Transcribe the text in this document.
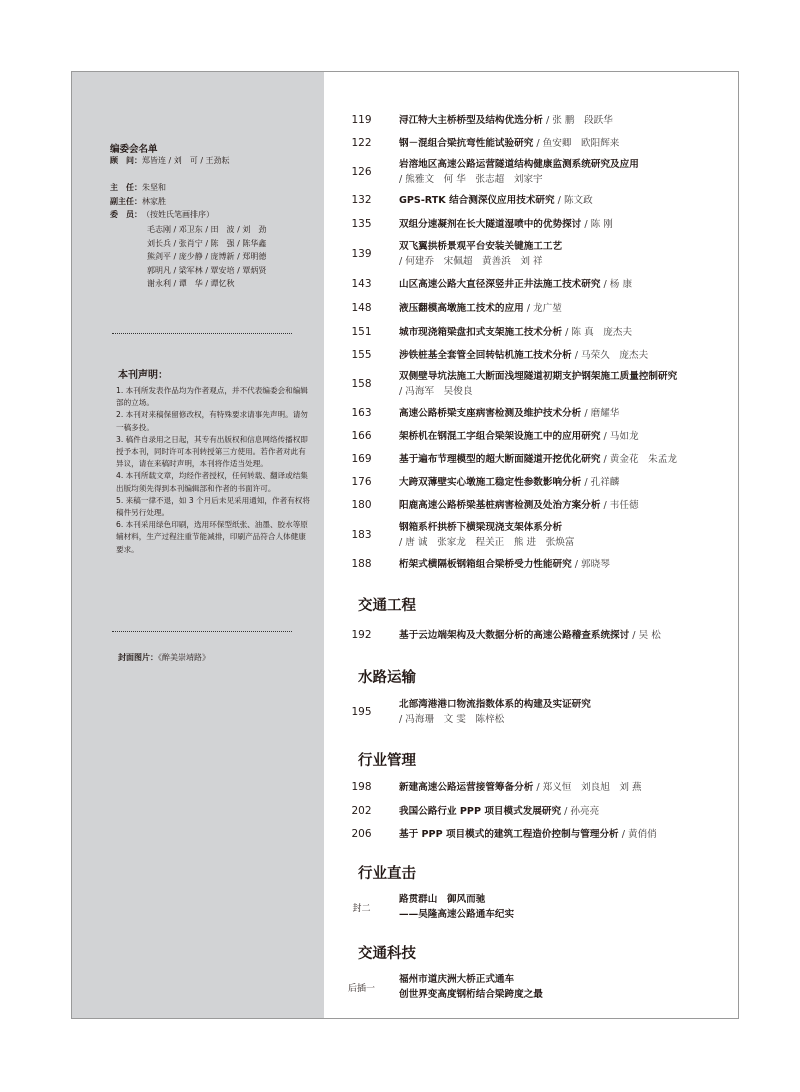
编委会名单
顾　问：郑皆连 / 刘　可 / 王劲耘
主　任：朱坚和
副主任：林家胜
委　员：（按姓氏笔画排序）
毛志刚 / 邓卫东 / 田　波 / 刘　劲
刘长兵 / 张肖宁 / 陈　强 / 陈华鑫
熊剑平 / 庞少静 / 庞博新 / 郑明德
郭明凡 / 梁军林 / 覃安培 / 覃炳贤
谢永利 / 谭　华 / 谭忆秋
本刊声明：

1. 本刊所发表作品均为作者观点，并不代表编委会和编辑部的立场。

2. 本刊对来稿保留修改权，有特殊要求请事先声明。请勿一稿多投。

3. 稿件自录用之日起，其专有出版权和信息网络传播权即授予本刊，同时许可本刊转授第三方使用。若作者对此有异议，请在来稿时声明，本刊将作适当处理。

4. 本刊所载文章，均经作者授权，任何转载、翻译或结集出版均须先得到本刊编辑部和作者的书面许可。

5. 来稿一律不退，如 3 个月后未见采用通知，作者有权将稿件另行处理。

6. 本刊采用绿色印刷，选用环保型纸张、油墨、胶水等原辅材料，生产过程注重节能减排，印刷产品符合人体健康要求。

封面图片：《醉美崇靖路》
119	浔江特大主桥桥型及结构优选分析 / 张 鹏　段跃华
122	钢－混组合梁抗弯性能试验研究 / 鱼安卿　欧阳辉来
126
岩溶地区高速公路运营隧道结构健康监测系统研究及应用
/ 熊雅文　何 华　张志超　刘家宇
132	GPS-RTK 结合测深仪应用技术研究 / 陈文政
135	双组分速凝剂在长大隧道湿喷中的优势探讨 / 陈 刚
139
双飞翼拱桥景观平台安装关键施工工艺
/ 何建乔　宋佩超　黄善浜　刘 祥
143	山区高速公路大直径深竖井正井法施工技术研究 / 杨 康
148	液压翻模高墩施工技术的应用 / 龙广堃
151	城市现浇箱梁盘扣式支架施工技术分析 / 陈 真　庞杰夫
155	涉铁桩基全套管全回转钻机施工技术分析 / 马荣久　庞杰夫
158
双侧壁导坑法施工大断面浅埋隧道初期支护钢架施工质量控制研究
/ 冯海军　吴俊良
163	高速公路桥梁支座病害检测及维护技术分析 / 磨耀华
166	架桥机在钢混工字组合梁架设施工中的应用研究 / 马如龙
169	基于遍布节理模型的超大断面隧道开挖优化研究 / 黄金花　朱孟龙
176	大跨双薄壁实心墩施工稳定性参数影响分析 / 孔祥麟
180	阳鹿高速公路桥梁基桩病害检测及处治方案分析 / 韦任德
183
钢箱系杆拱桥下横梁现浇支架体系分析
/ 唐 诚　张家龙　程关正　熊 进　张焕富
188	桁架式横隔板钢箱组合梁桥受力性能研究 / 郭晓琴
交通工程
192	基于云边端架构及大数据分析的高速公路稽查系统探讨 / 吴 松
水路运输
195
北部湾港港口物流指数体系的构建及实证研究
/ 冯海珊　文 雯　陈梓松
行业管理
198	新建高速公路运营接管筹备分析 / 郑义恒　刘良旭　刘 燕
202	我国公路行业 PPP 项目模式发展研究 / 孙亮亮
206	基于 PPP 项目模式的建筑工程造价控制与管理分析 / 黄俏俏
行业直击
封二
路贯群山　御风而驰
——吴隆高速公路通车纪实
交通科技
后插一
福州市道庆洲大桥正式通车
创世界变高度钢桁结合梁跨度之最
